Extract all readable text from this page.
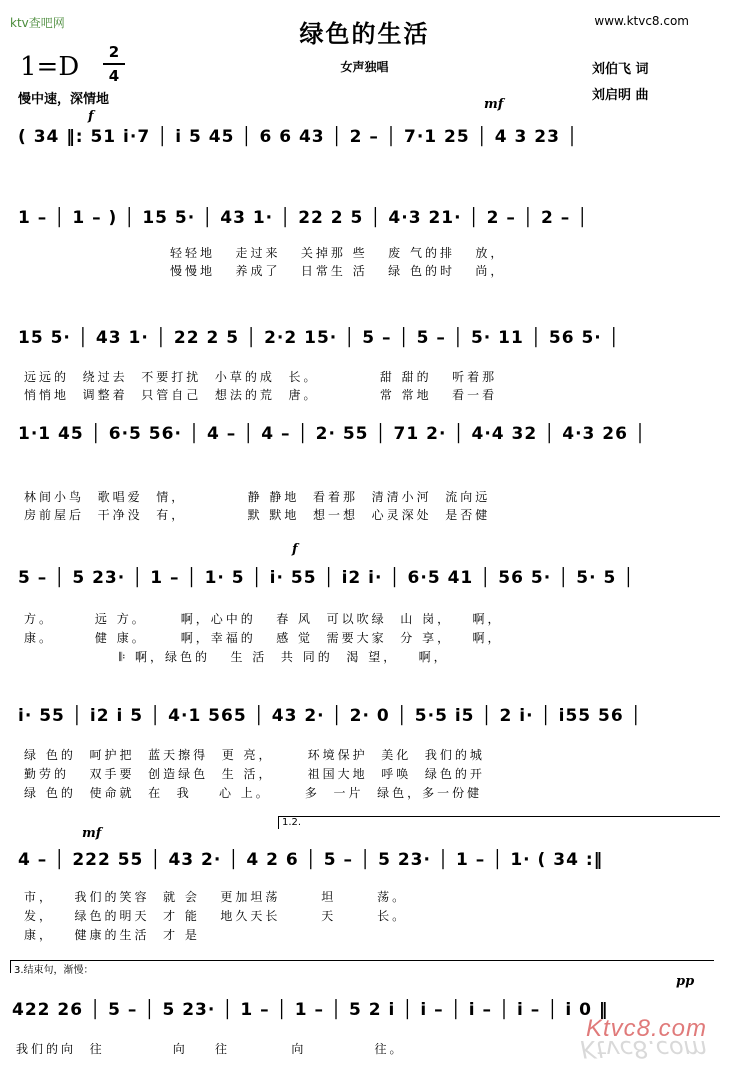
ktv查吧网	www.ktvc8.com
绿色的生活
1=D	2
4	女声独唱	刘伯飞 词
刘启明 曲
慢中速，深情地
f
mf
( 34 ‖: 51 i·7 │ i 5 45 │ 6 6 43 │ 2 – │ 7·1 25 │ 4 3 23 │
1 – │ 1 – ) │ 15 5· │ 43 1· │ 22 2 5 │ 4·3 21· │ 2 – │ 2 – │
轻轻地   走过来   关掉那 些   废 气的排   放，
慢慢地   养成了   日常生 活   绿 色的时   尚，
15 5· │ 43 1· │ 22 2 5 │ 2·2 15· │ 5 – │ 5 – │ 5· 11 │ 56 5· │
远远的  绕过去  不要打扰  小草的成  长。         甜 甜的   听着那
悄悄地  调整着  只管自己  想法的荒  唐。         常 常地   看一看
1·1 45 │ 6·5 56· │ 4 – │ 4 – │ 2· 55 │ 71 2· │ 4·4 32 │ 4·3 26 │
林间小鸟  歌唱爱  情，         静 静地  看着那  清清小河  流向远
房前屋后  干净没  有，         默 默地  想一想  心灵深处  是否健
f
5 – │ 5 23· │ 1 – │ 1· 5 │ i· 55 │ i2 i· │ 6·5 41 │ 56 5· │ 5· 5 │
方。      远 方。     啊，心中的   春 风  可以吹绿  山 岗，   啊，
康。      健 康。     啊，幸福的   感 觉  需要大家  分 享，   啊，
𝄆 啊，绿色的   生 活  共 同的  渴 望，   啊，
i· 55 │ i2 i 5 │ 4·1 565 │ 43 2· │ 2· 0 │ 5·5 i5 │ 2 i· │ i55 56 │
绿 色的  呵护把  蓝天擦得  更 亮，     环境保护  美化  我们的城
勤劳的   双手要  创造绿色  生 活，     祖国大地  呼唤  绿色的开
绿 色的  使命就  在  我    心 上。     多  一片  绿色，多一份健
1.2.
mf
4 – │ 222 55 │ 43 2· │ 4 2 6 │ 5 – │ 5 23· │ 1 – │ 1· ( 34 :‖
市，   我们的笑容  就 会   更加坦荡      坦      荡。
发，   绿色的明天  才 能   地久天长      天      长。
康，   健康的生活  才 是
3.结束句，渐慢：
pp
422 26 │ 5 – │ 5 23· │ 1 – │ 1 – │ 5 2 i │ i – │ i – │ i – │ i 0 ‖
我们的向  往          向    往         向          往。
Ktvc8.com
Ktvc8.com
